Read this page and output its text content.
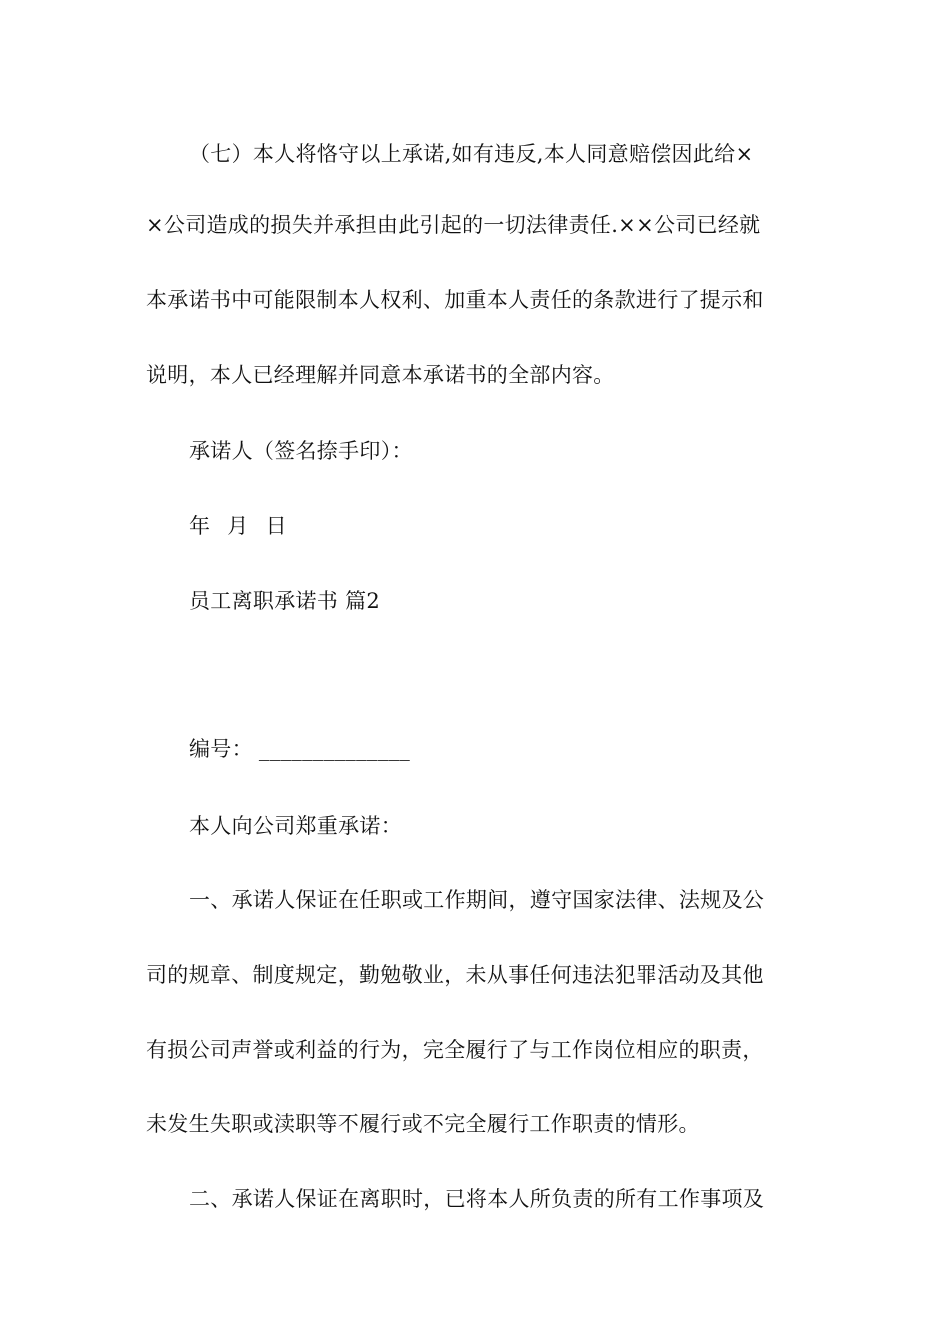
（七）本人将恪守以上承诺,如有违反,本人同意赔偿因此给×
×公司造成的损失并承担由此引起的一切法律责任.××公司已经就
本承诺书中可能限制本人权利、加重本人责任的条款进行了提示和
说明，本人已经理解并同意本承诺书的全部内容。
承诺人（签名捺手印）：
年 月 日
员工离职承诺书 篇2
编号： ______________
本人向公司郑重承诺：
一、承诺人保证在任职或工作期间，遵守国家法律、法规及公
司的规章、制度规定，勤勉敬业，未从事任何违法犯罪活动及其他
有损公司声誉或利益的行为，完全履行了与工作岗位相应的职责，
未发生失职或渎职等不履行或不完全履行工作职责的情形。
二、承诺人保证在离职时，已将本人所负责的所有工作事项及
